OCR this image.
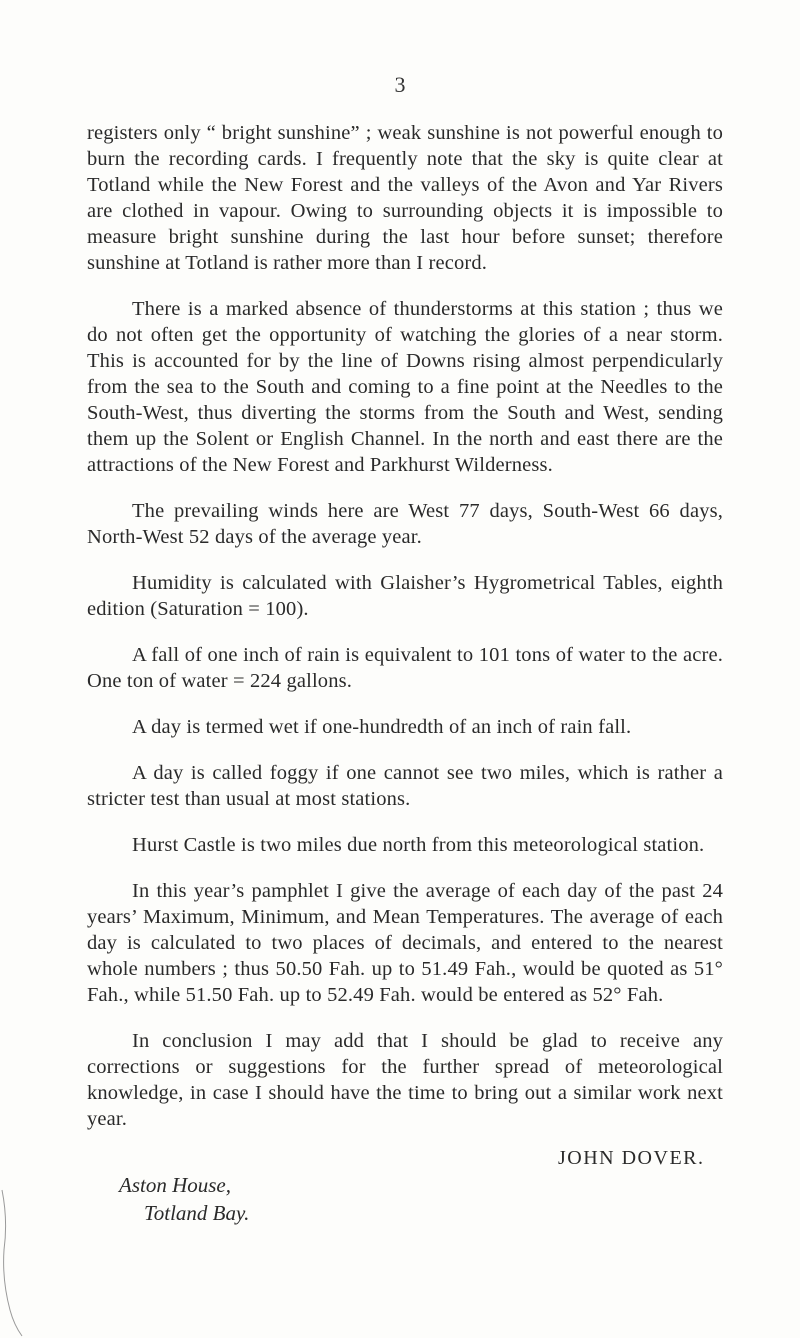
3

registers only “ bright sunshine” ; weak sunshine is not powerful enough to burn the recording cards. I frequently note that the sky is quite clear at Totland while the New Forest and the valleys of the Avon and Yar Rivers are clothed in vapour. Owing to surrounding objects it is impossible to measure bright sunshine during the last hour before sunset; therefore sunshine at Totland is rather more than I record.

There is a marked absence of thunderstorms at this station ; thus we do not often get the opportunity of watching the glories of a near storm. This is accounted for by the line of Downs rising almost perpendicularly from the sea to the South and coming to a fine point at the Needles to the South-West, thus diverting the storms from the South and West, sending them up the Solent or English Channel. In the north and east there are the attractions of the New Forest and Parkhurst Wilderness.

The prevailing winds here are West 77 days, South-West 66 days, North-West 52 days of the average year.

Humidity is calculated with Glaisher’s Hygrometrical Tables, eighth edition (Saturation = 100).

A fall of one inch of rain is equivalent to 101 tons of water to the acre. One ton of water = 224 gallons.

A day is termed wet if one-hundredth of an inch of rain fall.

A day is called foggy if one cannot see two miles, which is rather a stricter test than usual at most stations.

Hurst Castle is two miles due north from this meteorological station.

In this year’s pamphlet I give the average of each day of the past 24 years’ Maximum, Minimum, and Mean Temperatures. The average of each day is calculated to two places of decimals, and entered to the nearest whole numbers ; thus 50.50 Fah. up to 51.49 Fah., would be quoted as 51° Fah., while 51.50 Fah. up to 52.49 Fah. would be entered as 52° Fah.

In conclusion I may add that I should be glad to receive any corrections or suggestions for the further spread of meteorological knowledge, in case I should have the time to bring out a similar work next year.

JOHN DOVER.
Aston House,
Totland Bay.
